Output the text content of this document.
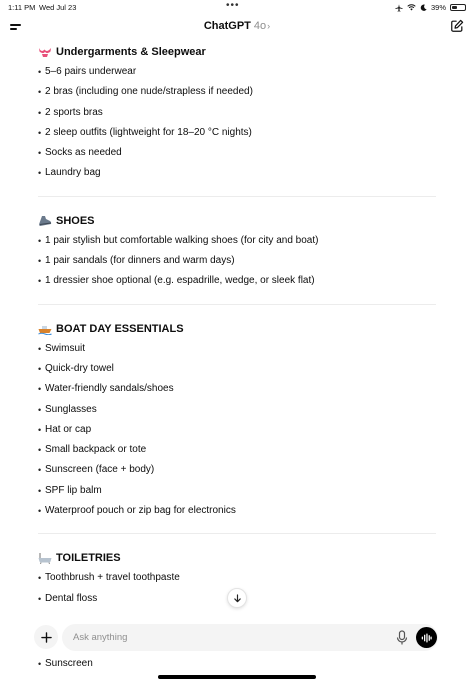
1:11 PM Wed Jul 23	•••	39%
ChatGPT 4o›
Undergarments & Sleepwear
• 5–6 pairs underwear
• 2 bras (including one nude/strapless if needed)
• 2 sports bras
• 2 sleep outfits (lightweight for 18–20 °C nights)
• Socks as needed
• Laundry bag
SHOES
• 1 pair stylish but comfortable walking shoes (for city and boat)
• 1 pair sandals (for dinners and warm days)
• 1 dressier shoe optional (e.g. espadrille, wedge, or sleek flat)
BOAT DAY ESSENTIALS
• Swimsuit
• Quick-dry towel
• Water-friendly sandals/shoes
• Sunglasses
• Hat or cap
• Small backpack or tote
• Sunscreen (face + body)
• SPF lip balm
• Waterproof pouch or zip bag for electronics
TOILETRIES
• Toothbrush + travel toothpaste
• Dental floss
Ask anything
• Sunscreen
